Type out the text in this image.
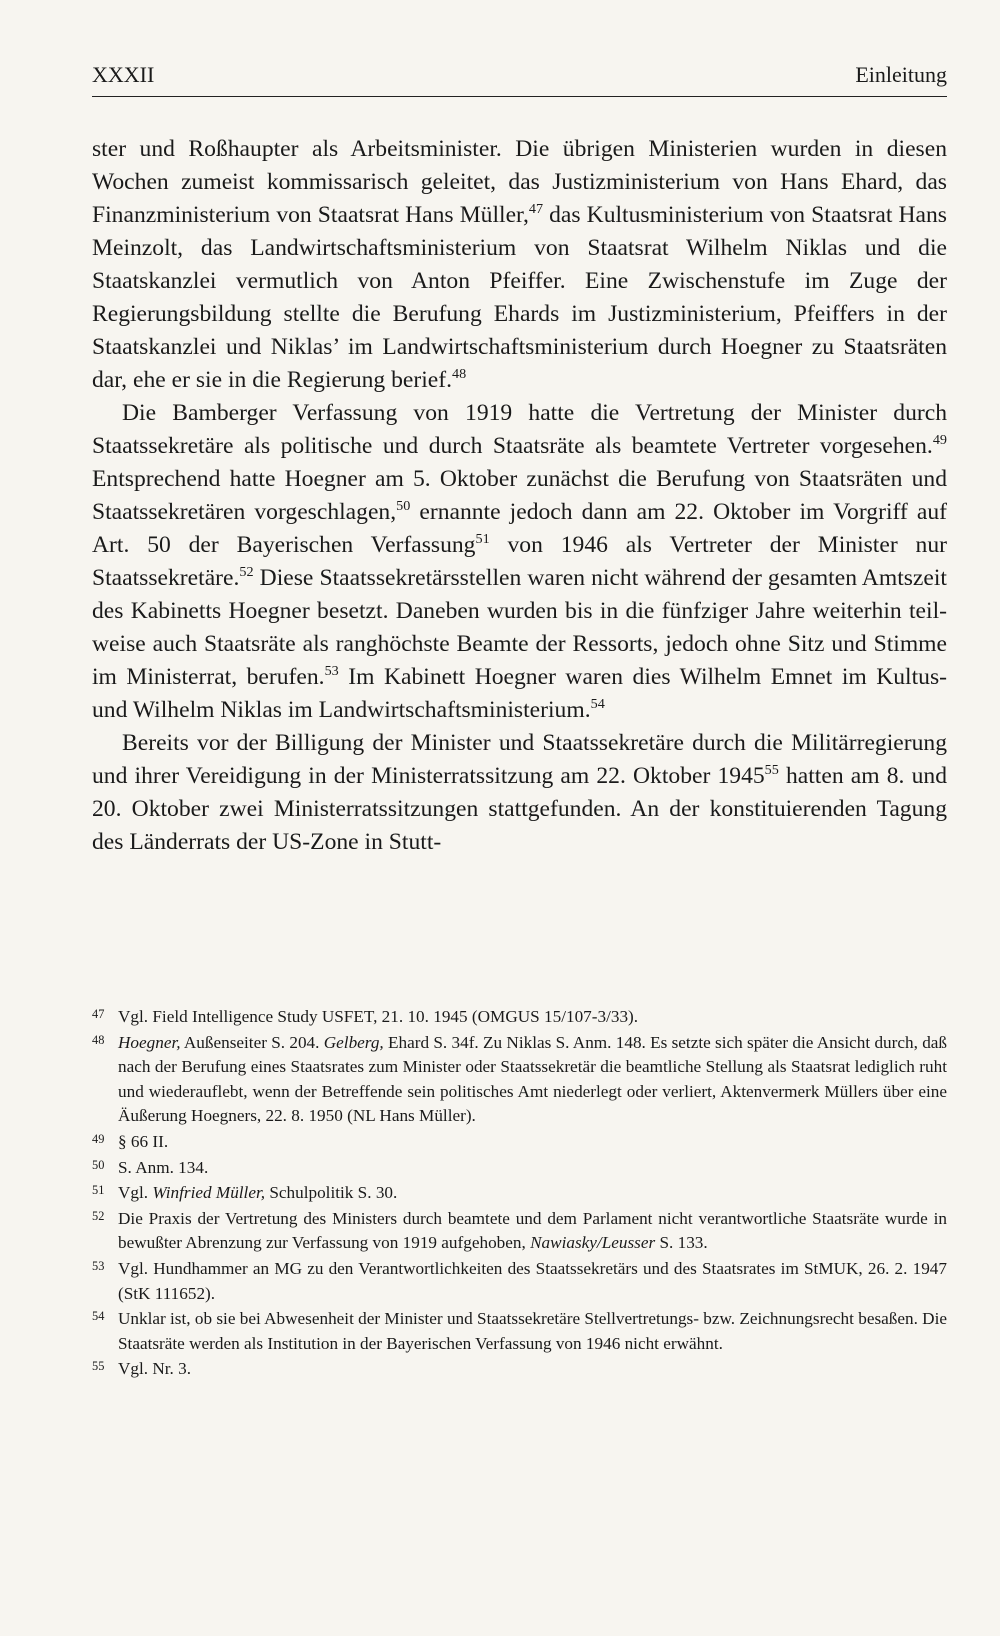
XXXII	Einleitung

ster und Roßhaupter als Arbeitsminister. Die übrigen Ministerien wurden in diesen Wochen zumeist kommissarisch geleitet, das Justizministerium von Hans Ehard, das Finanzministerium von Staatsrat Hans Müller,$^{47}$ das Kultusministerium von Staatsrat Hans Meinzolt, das Landwirtschaftsministerium von Staatsrat Wilhelm Niklas und die Staatskanzlei vermutlich von Anton Pfeiffer. Eine Zwischenstufe im Zuge der Regierungsbildung stellte die Berufung Ehards im Justizministerium, Pfeiffers in der Staatskanzlei und Niklas’ im Landwirtschaftsministerium durch Hoegner zu Staatsräten dar, ehe er sie in die Regierung berief.$^{48}$

Die Bamberger Verfassung von 1919 hatte die Vertretung der Minister durch Staatssekretäre als politische und durch Staatsräte als beamtete Vertreter vorgesehen.$^{49}$ Entsprechend hatte Hoegner am 5. Oktober zunächst die Berufung von Staatsräten und Staatssekretären vorgeschlagen,$^{50}$ ernannte jedoch dann am 22. Oktober im Vorgriff auf Art. 50 der Bayerischen Verfassung$^{51}$ von 1946 als Vertreter der Minister nur Staatssekretäre.$^{52}$ Diese Staatssekretärsstellen waren nicht während der gesamten Amtszeit des Kabinetts Hoegner besetzt. Daneben wurden bis in die fünfziger Jahre weiterhin teilweise auch Staatsräte als ranghöchste Beamte der Ressorts, jedoch ohne Sitz und Stimme im Ministerrat, berufen.$^{53}$ Im Kabinett Hoegner waren dies Wilhelm Emnet im Kultus- und Wilhelm Niklas im Landwirtschaftsministerium.$^{54}$

Bereits vor der Billigung der Minister und Staatssekretäre durch die Militärregierung und ihrer Vereidigung in der Ministerratssitzung am 22. Oktober 1945$^{55}$ hatten am 8. und 20. Oktober zwei Ministerratssitzungen stattgefunden. An der konstituierenden Tagung des Länderrats der US-Zone in Stutt-

47 Vgl. Field Intelligence Study USFET, 21. 10. 1945 (OMGUS 15/107-3/33).
48 Hoegner, Außenseiter S. 204. Gelberg, Ehard S. 34f. Zu Niklas S. Anm. 148. Es setzte sich später die Ansicht durch, daß nach der Berufung eines Staatsrates zum Minister oder Staatssekretär die beamtliche Stellung als Staatsrat lediglich ruht und wiederauflebt, wenn der Betreffende sein politisches Amt niederlegt oder verliert, Aktenvermerk Müllers über eine Äußerung Hoegners, 22. 8. 1950 (NL Hans Müller).
49 § 66 II.
50 S. Anm. 134.
51 Vgl. Winfried Müller, Schulpolitik S. 30.
52 Die Praxis der Vertretung des Ministers durch beamtete und dem Parlament nicht verantwortliche Staatsräte wurde in bewußter Abrenzung zur Verfassung von 1919 aufgehoben, Nawiasky/Leusser S. 133.
53 Vgl. Hundhammer an MG zu den Verantwortlichkeiten des Staatssekretärs und des Staatsrates im StMUK, 26. 2. 1947 (StK 111652).
54 Unklar ist, ob sie bei Abwesenheit der Minister und Staatssekretäre Stellvertretungs- bzw. Zeichnungsrecht besaßen. Die Staatsräte werden als Institution in der Bayerischen Verfassung von 1946 nicht erwähnt.
55 Vgl. Nr. 3.
